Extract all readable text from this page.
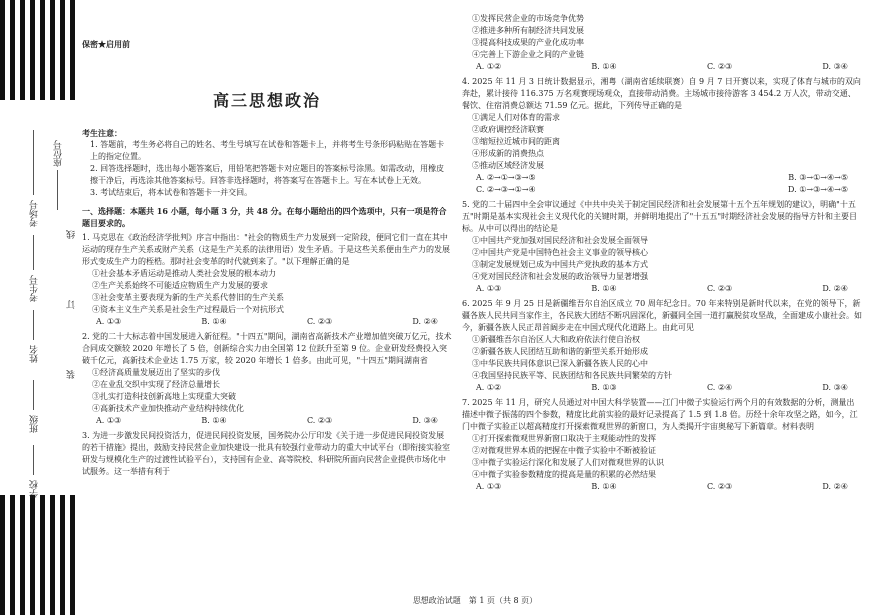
座位号
考场号
考生号
姓名
班级
学校
线
订
装
保密★启用前
高三思想政治
考生注意：
1. 答题前，考生务必将自己的姓名、考生号填写在试卷和答题卡上，并将考生号条形码粘贴在答题卡上的指定位置。
2. 回答选择题时，选出每小题答案后，用铅笔把答题卡对应题目的答案标号涂黑。如需改动，用橡皮擦干净后，再选涂其他答案标号。回答非选择题时，将答案写在答题卡上。写在本试卷上无效。
3. 考试结束后，将本试卷和答题卡一并交回。
一、选择题：本题共 16 小题，每小题 3 分，共 48 分。在每小题给出的四个选项中，只有一项是符合题目要求的。
1. 马克思在《政治经济学批判》序言中指出："社会的物质生产力发展到一定阶段，便同它们一直在其中运动的现存生产关系或财产关系（这是生产关系的法律用语）发生矛盾。于是这些关系便由生产力的发展形式变成生产力的桎梏。那时社会变革的时代就到来了。"以下理解正确的是
①社会基本矛盾运动是推动人类社会发展的根本动力
②生产关系始终不可能适应物质生产力发展的要求
③社会变革主要表现为新的生产关系代替旧的生产关系
④资本主义生产关系是社会生产过程最后一个对抗形式
A. ①③	B. ①④	C. ②③	D. ②④
2. 党的二十大标志着中国发展进入新征程。"十四五"期间，湖南省高新技术产业增加值突破万亿元，技术合同成交额较 2020 年增长了 5 倍，创新综合实力由全国第 12 位跃升至第 9 位。企业研发经费投入突破千亿元，高新技术企业达 1.75 万家，较 2020 年增长 1 倍多。由此可见，"十四五"期间湖南省
①经济高质量发展迈出了坚实的步伐
②在业乱交织中实现了经济总量增长
③扎实打造科技创新高地上实现重大突破
④高新技术产业加快推动产业结构持续优化
A. ①③	B. ①④	C. ②③	D. ③④
3. 为进一步激发民间投资活力，促进民间投资发展，国务院办公厅印发《关于进一步促进民间投资发展的若干措施》提出，鼓励支持民营企业加快建设一批具有较强行业带动力的重大中试平台（即衔接实验室研发与规模化生产的过渡性试验平台），支持国有企业、高等院校、科研院所面向民营企业提供市场化中试服务。这一举措有利于
①发挥民营企业的市场竞争优势
②推进多种所有制经济共同发展
③提高科技成果的产业化成功率
④完善上下游企业之间的产业链
A. ①②	B. ①④	C. ②③	D. ③④
4. 2025 年 11 月 3 日统计数据显示，湘粤（湖南省延续联赛）自 9 月 7 日开赛以来，实现了体育与城市的双向奔赴，累计接待 116.375 万名观赛现场观众，直接带动消费。主场城市接待游客 3 454.2 万人次，带动交通、餐饮、住宿消费总额达 71.59 亿元。据此，下列传导正确的是
①满足人们对体育的需求
②政府调控经济联赛
③缩短拉近城市间的距离
④形成新的消费热点
⑤推动区域经济发展
A. ②→①→③→⑤	B. ③→①→④→⑤
C. ②→③→①→④	D. ①→③→④→⑤
5. 党的二十届四中全会审议通过《中共中央关于制定国民经济和社会发展第十五个五年规划的建议》，明确"十五五"时期是基本实现社会主义现代化的关键时期，并鲜明地提出了"十五五"时期经济社会发展的指导方针和主要目标。从中可以得出的结论是
①中国共产党加强对国民经济和社会发展全面领导
②中国共产党是中国特色社会主义事业的领导核心
③制定发展规划已成为中国共产党执政的基本方式
④党对国民经济和社会发展的政治领导力显著增强
A. ①③	B. ①④	C. ②③	D. ②④
6. 2025 年 9 月 25 日是新疆维吾尔自治区成立 70 周年纪念日。70 年来特别是新时代以来，在党的领导下，新疆各族人民共同当家作主，各民族大团结不断巩固深化，新疆同全国一道打赢脱贫攻坚战，全面建成小康社会。如今，新疆各族人民正昂首阔步走在中国式现代化道路上。由此可见
①新疆维吾尔自治区人大和政府依法行使自治权
②新疆各族人民团结互助和谐的新型关系开始形成
③中华民族共同体意识已深入新疆各族人民的心中
④我国坚持民族平等、民族团结和各民族共同繁荣的方针
A. ①②	B. ①③	C. ②④	D. ③④
7. 2025 年 11 月，研究人员通过对中国大科学装置——江门中微子实验运行两个月的有效数据的分析，测量出描述中微子振荡的四个参数，精度比此前实验的最好记录提高了 1.5 到 1.8 倍。历经十余年攻坚之路，如今，江门中微子实验正以超高精度打开探索微观世界的新窗口，为人类揭开宇宙奥秘写下新篇章。材料表明
①打开探索微观世界新窗口取决于主观能动性的发挥
②对微观世界本质的把握在中微子实验中不断被验证
③中微子实验运行深化和发展了人们对微观世界的认识
④中微子实验参数精度的提高是量的积累的必然结果
A. ①③	B. ①④	C. ②③	D. ②④
思想政治试题　第 1 页（共 8 页）
